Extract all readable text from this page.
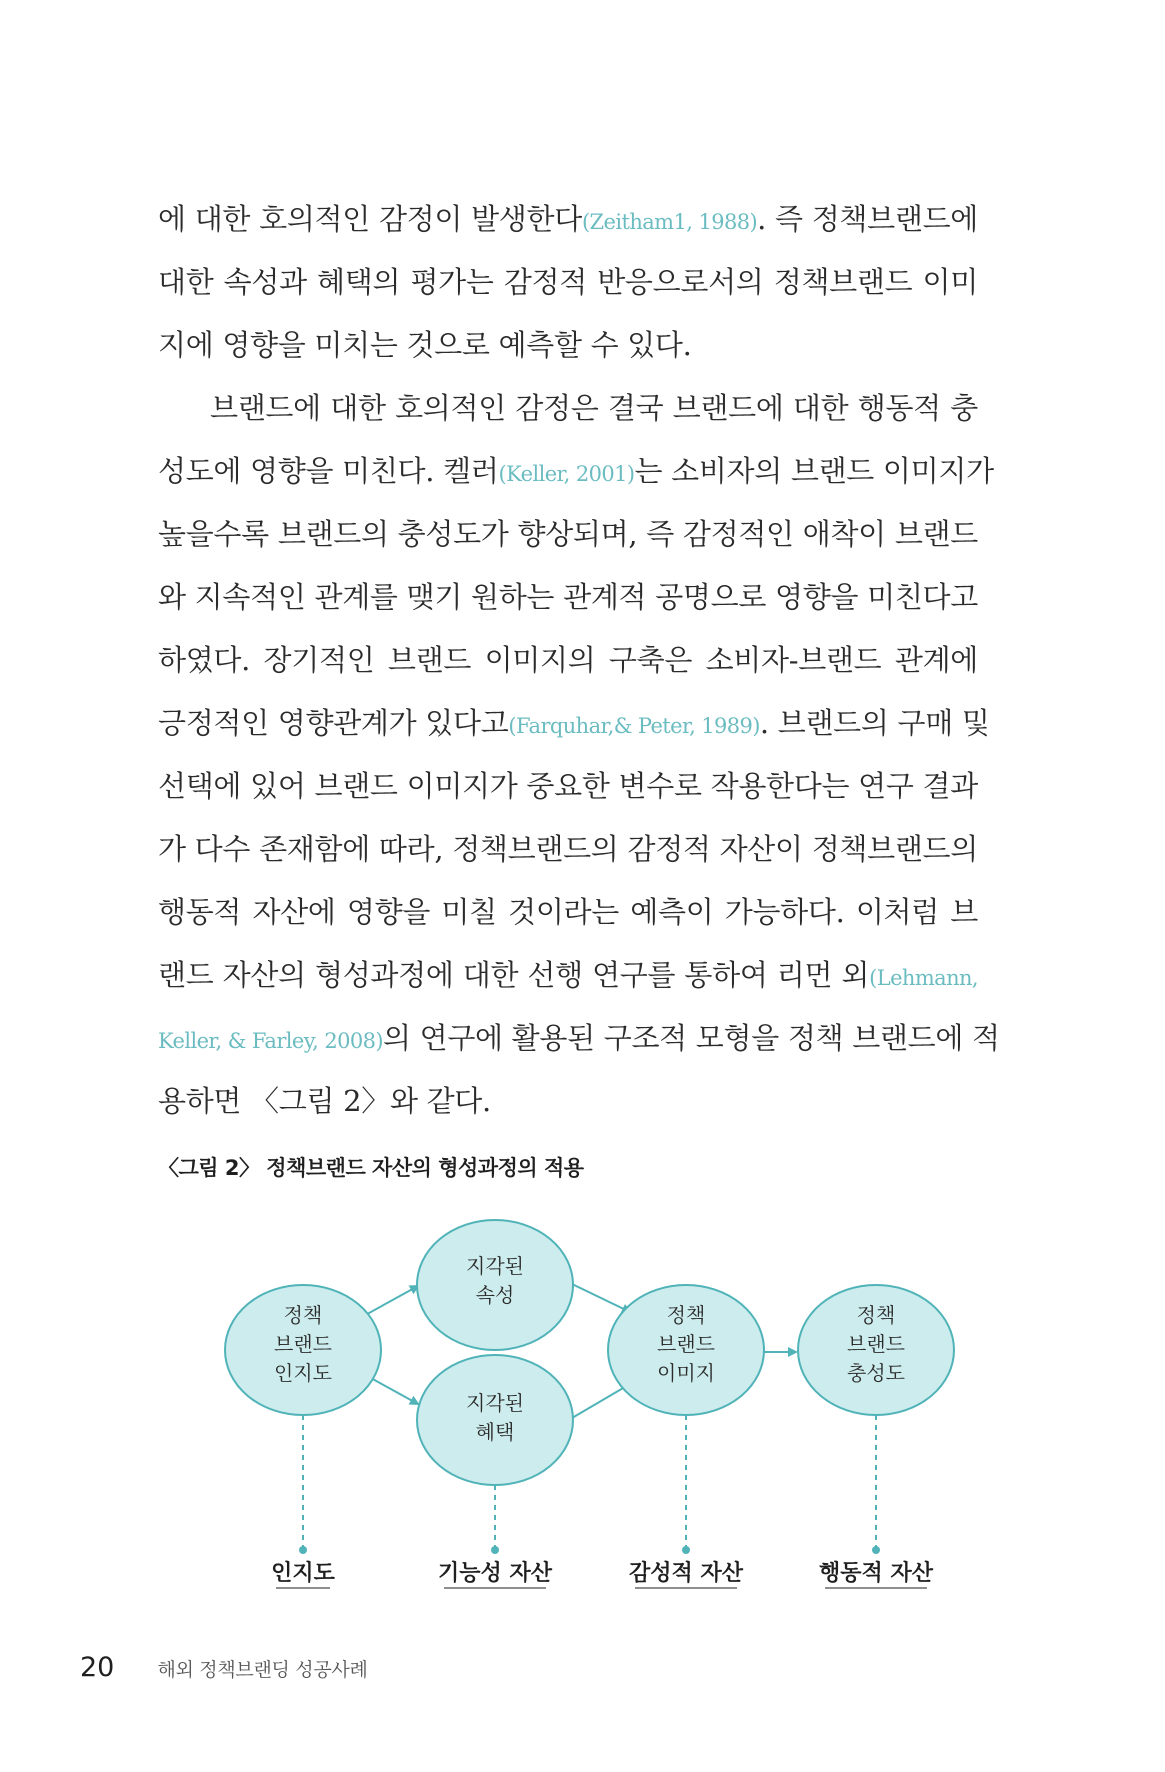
에 대한 호의적인 감정이 발생한다(Zeitham1, 1988). 즉 정책브랜드에
대한 속성과 혜택의 평가는 감정적 반응으로서의 정책브랜드 이미
지에 영향을 미치는 것으로 예측할 수 있다.
브랜드에 대한 호의적인 감정은 결국 브랜드에 대한 행동적 충
성도에 영향을 미친다. 켈러(Keller, 2001)는 소비자의 브랜드 이미지가
높을수록 브랜드의 충성도가 향상되며, 즉 감정적인 애착이 브랜드
와 지속적인 관계를 맺기 원하는 관계적 공명으로 영향을 미친다고
하였다. 장기적인 브랜드 이미지의 구축은 소비자-브랜드 관계에
긍정적인 영향관계가 있다고(Farquhar,& Peter, 1989). 브랜드의 구매 및
선택에 있어 브랜드 이미지가 중요한 변수로 작용한다는 연구 결과
가 다수 존재함에 따라, 정책브랜드의 감정적 자산이 정책브랜드의
행동적 자산에 영향을 미칠 것이라는 예측이 가능하다. 이처럼 브
랜드 자산의 형성과정에 대한 선행 연구를 통하여 리먼 외(Lehmann,
Keller, & Farley, 2008)의 연구에 활용된 구조적 모형을 정책 브랜드에 적
용하면 〈그림 2〉와 같다.
〈그림 2〉 정책브랜드 자산의 형성과정의 적용
정책
브랜드
인지도
지각된
속성
지각된
혜택
정책
브랜드
이미지
정책
브랜드
충성도
인지도	기능성 자산	감성적 자산	행동적 자산
20 해외 정책브랜딩 성공사례
